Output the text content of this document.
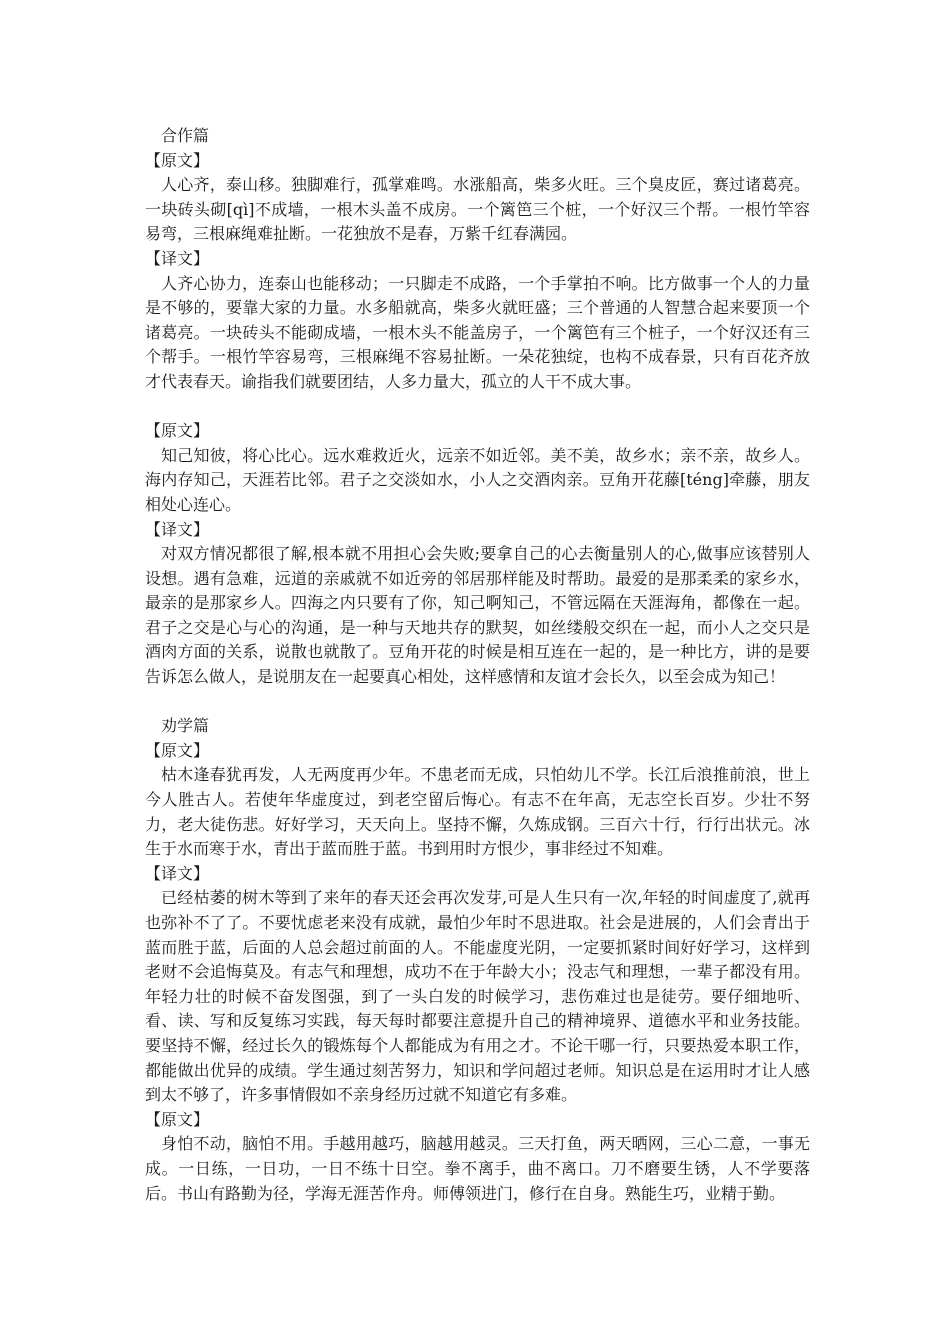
合作篇

【原文】

人心齐，泰山移。独脚难行，孤掌难鸣。水涨船高，柴多火旺。三个臭皮匠，赛过诸葛亮。一块砖头砌[qì]不成墙，一根木头盖不成房。一个篱笆三个桩，一个好汉三个帮。一根竹竿容易弯，三根麻绳难扯断。一花独放不是春，万紫千红春满园。

【译文】

人齐心协力，连泰山也能移动；一只脚走不成路，一个手掌拍不响。比方做事一个人的力量是不够的，要靠大家的力量。水多船就高，柴多火就旺盛；三个普通的人智慧合起来要顶一个诸葛亮。一块砖头不能砌成墙，一根木头不能盖房子，一个篱笆有三个桩子，一个好汉还有三个帮手。一根竹竿容易弯，三根麻绳不容易扯断。一朵花独绽，也构不成春景，只有百花齐放才代表春天。谕指我们就要团结，人多力量大，孤立的人干不成大事。

【原文】

知己知彼，将心比心。远水难救近火，远亲不如近邻。美不美，故乡水；亲不亲，故乡人。海内存知己，天涯若比邻。君子之交淡如水，小人之交酒肉亲。豆角开花藤[téng]牵藤，朋友相处心连心。

【译文】

对双方情况都很了解,根本就不用担心会失败;要拿自己的心去衡量别人的心,做事应该替别人设想。遇有急难，远道的亲戚就不如近旁的邻居那样能及时帮助。最爱的是那柔柔的家乡水，最亲的是那家乡人。四海之内只要有了你，知己啊知己，不管远隔在天涯海角，都像在一起。君子之交是心与心的沟通，是一种与天地共存的默契，如丝缕般交织在一起，而小人之交只是酒肉方面的关系，说散也就散了。豆角开花的时候是相互连在一起的，是一种比方，讲的是要告诉怎么做人，是说朋友在一起要真心相处，这样感情和友谊才会长久，以至会成为知己！

劝学篇

【原文】

枯木逢春犹再发，人无两度再少年。不患老而无成，只怕幼儿不学。长江后浪推前浪，世上今人胜古人。若使年华虚度过，到老空留后悔心。有志不在年高，无志空长百岁。少壮不努力，老大徒伤悲。好好学习，天天向上。坚持不懈，久炼成钢。三百六十行，行行出状元。冰生于水而寒于水，青出于蓝而胜于蓝。书到用时方恨少，事非经过不知难。

【译文】

已经枯萎的树木等到了来年的春天还会再次发芽,可是人生只有一次,年轻的时间虚度了,就再也弥补不了了。不要忧虑老来没有成就，最怕少年时不思进取。社会是进展的，人们会青出于蓝而胜于蓝，后面的人总会超过前面的人。不能虚度光阴，一定要抓紧时间好好学习，这样到老财不会追悔莫及。有志气和理想，成功不在于年龄大小；没志气和理想，一辈子都没有用。年轻力壮的时候不奋发图强，到了一头白发的时候学习，悲伤难过也是徒劳。要仔细地听、看、读、写和反复练习实践，每天每时都要注意提升自己的精神境界、道德水平和业务技能。要坚持不懈，经过长久的锻炼每个人都能成为有用之才。不论干哪一行，只要热爱本职工作，都能做出优异的成绩。学生通过刻苦努力，知识和学问超过老师。知识总是在运用时才让人感到太不够了，许多事情假如不亲身经历过就不知道它有多难。

【原文】

身怕不动，脑怕不用。手越用越巧，脑越用越灵。三天打鱼，两天晒网，三心二意，一事无成。一日练，一日功，一日不练十日空。拳不离手，曲不离口。刀不磨要生锈，人不学要落后。书山有路勤为径，学海无涯苦作舟。师傅领进门，修行在自身。熟能生巧，业精于勤。
